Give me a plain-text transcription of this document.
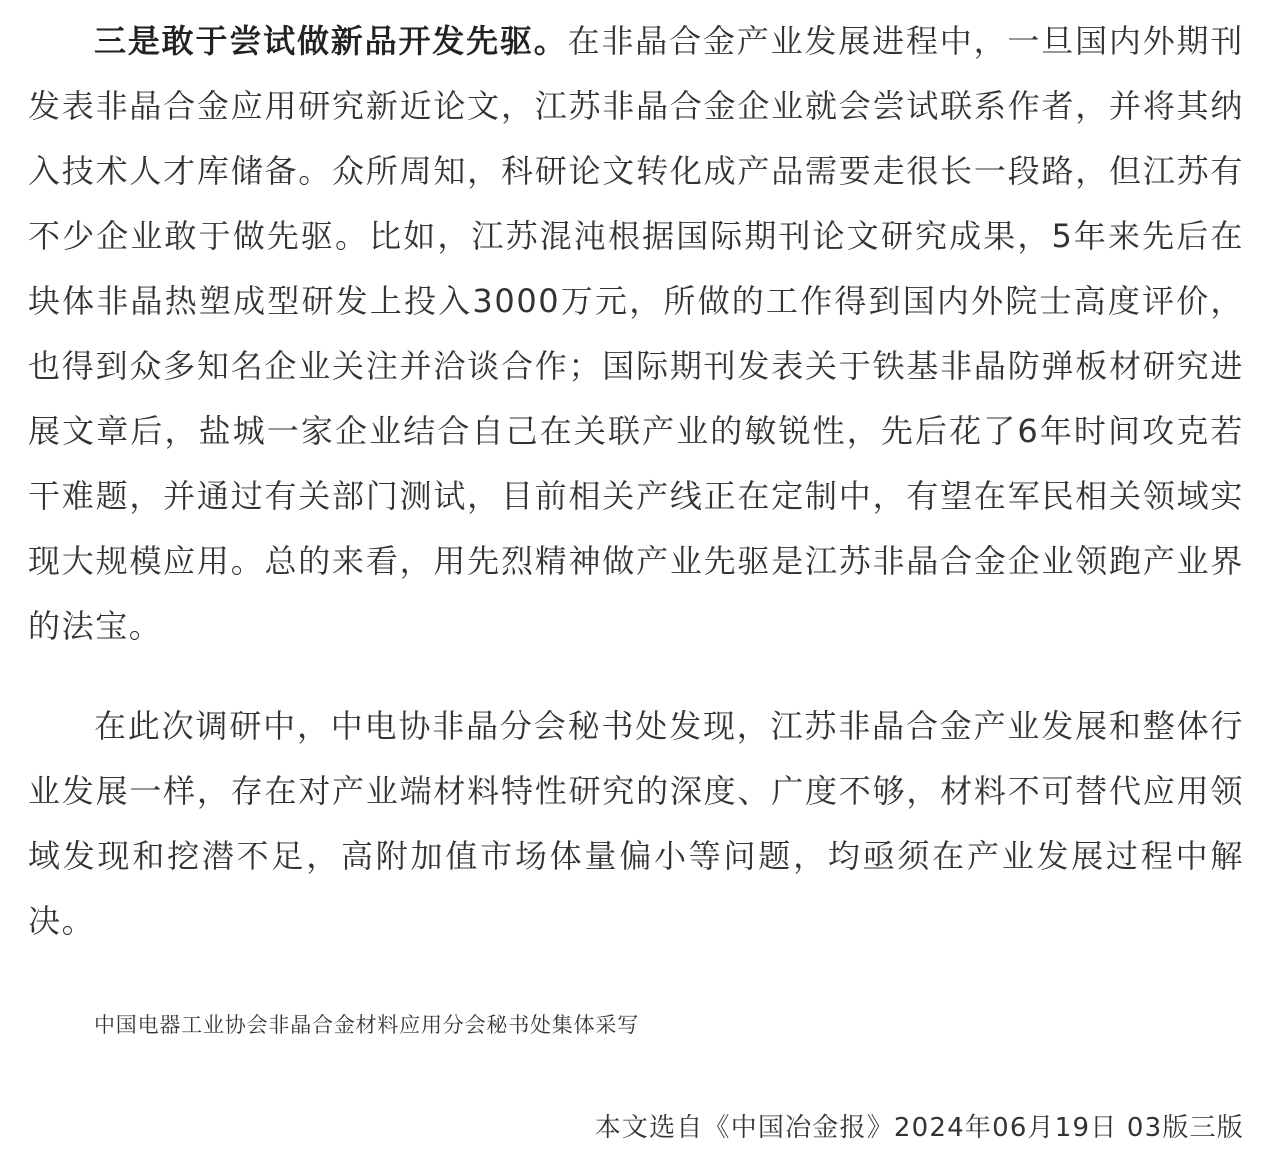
三是敢于尝试做新品开发先驱。在非晶合金产业发展进程中，一旦国内外期刊发表非晶合金应用研究新近论文，江苏非晶合金企业就会尝试联系作者，并将其纳入技术人才库储备。众所周知，科研论文转化成产品需要走很长一段路，但江苏有不少企业敢于做先驱。比如，江苏混沌根据国际期刊论文研究成果，5年来先后在块体非晶热塑成型研发上投入3000万元，所做的工作得到国内外院士高度评价，也得到众多知名企业关注并洽谈合作；国际期刊发表关于铁基非晶防弹板材研究进展文章后，盐城一家企业结合自己在关联产业的敏锐性，先后花了6年时间攻克若干难题，并通过有关部门测试，目前相关产线正在定制中，有望在军民相关领域实现大规模应用。总的来看，用先烈精神做产业先驱是江苏非晶合金企业领跑产业界的法宝。

在此次调研中，中电协非晶分会秘书处发现，江苏非晶合金产业发展和整体行业发展一样，存在对产业端材料特性研究的深度、广度不够，材料不可替代应用领域发现和挖潜不足，高附加值市场体量偏小等问题，均亟须在产业发展过程中解决。

中国电器工业协会非晶合金材料应用分会秘书处集体采写
本文选自《中国冶金报》2024年06月19日 03版三版
